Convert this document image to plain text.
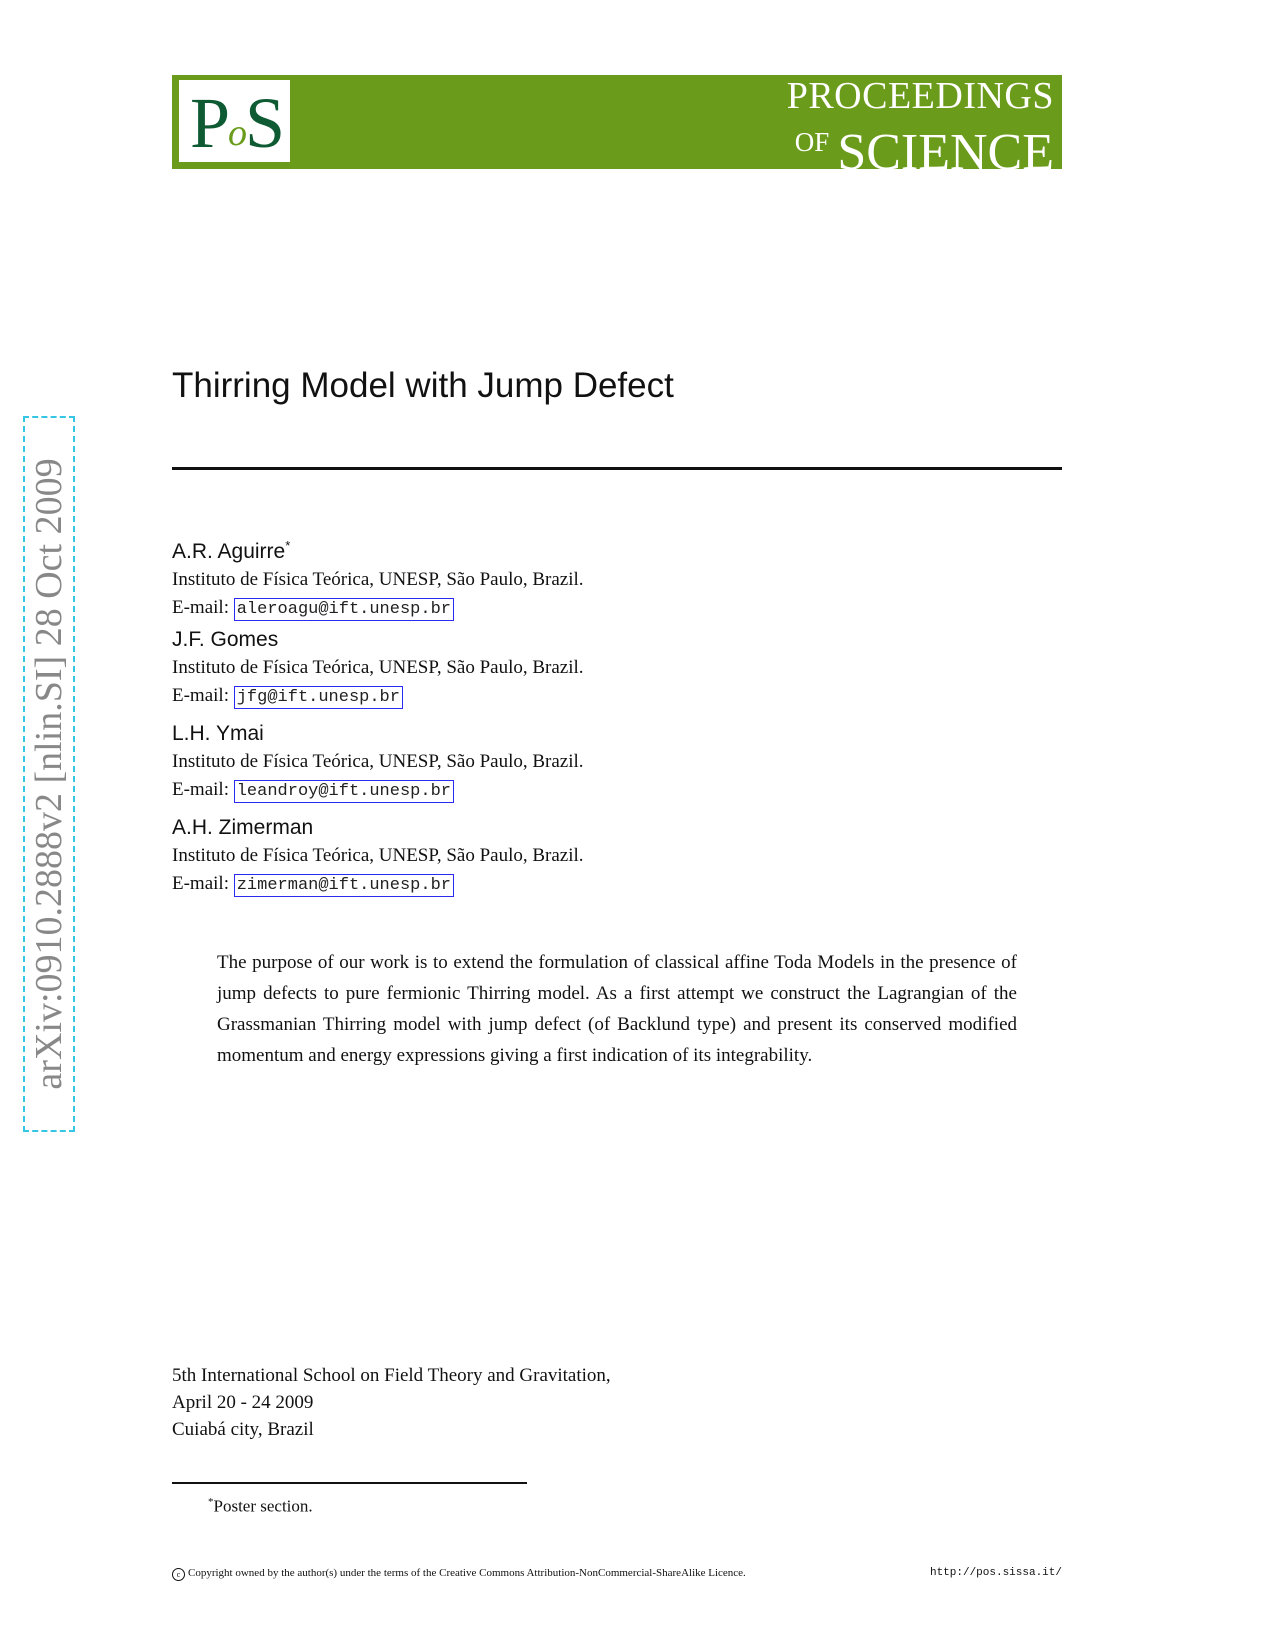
P oS	PROCEEDINGS
$^{OF}$ SCIENCE
arXiv:0910.2888v2 [nlin.SI] 28 Oct 2009
Thirring Model with Jump Defect
A.R. Aguirre*
Instituto de Física Teórica, UNESP, São Paulo, Brazil.
E-mail: aleroagu@ift.unesp.br
J.F. Gomes
Instituto de Física Teórica, UNESP, São Paulo, Brazil.
E-mail: jfg@ift.unesp.br
L.H. Ymai
Instituto de Física Teórica, UNESP, São Paulo, Brazil.
E-mail: leandroy@ift.unesp.br
A.H. Zimerman
Instituto de Física Teórica, UNESP, São Paulo, Brazil.
E-mail: zimerman@ift.unesp.br
The purpose of our work is to extend the formulation of classical affine Toda Models in the presence of jump defects to pure fermionic Thirring model. As a first attempt we construct the Lagrangian of the Grassmanian Thirring model with jump defect (of Backlund type) and present its conserved modified momentum and energy expressions giving a first indication of its integrability.
5th International School on Field Theory and Gravitation,
April 20 - 24 2009
Cuiabá city, Brazil
*Poster section.
c Copyright owned by the author(s) under the terms of the Creative Commons Attribution-NonCommercial-ShareAlike Licence.	http://pos.sissa.it/
